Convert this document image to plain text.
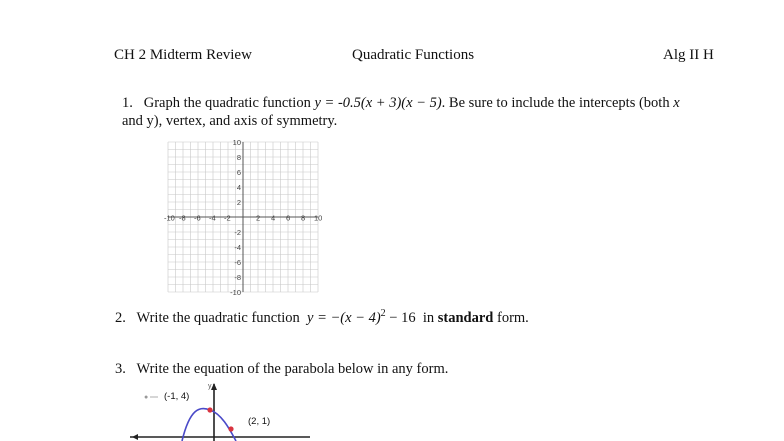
CH 2 Midterm Review	Quadratic Functions	Alg II H
1. Graph the quadratic function y = -0.5(x + 3)(x − 5). Be sure to include the intercepts (both x
and y), vertex, and axis of symmetry.
-10 -8 -6 -4 -2	2 4 6 8 10
10
8
6
4
2
-2
-4
-6
-8
-10
2. Write the quadratic function $y = -(x - 4)^2 - 16$ in standard form.
3. Write the equation of the parabola below in any form.
y
● (-1, 4)
(2, 1)
